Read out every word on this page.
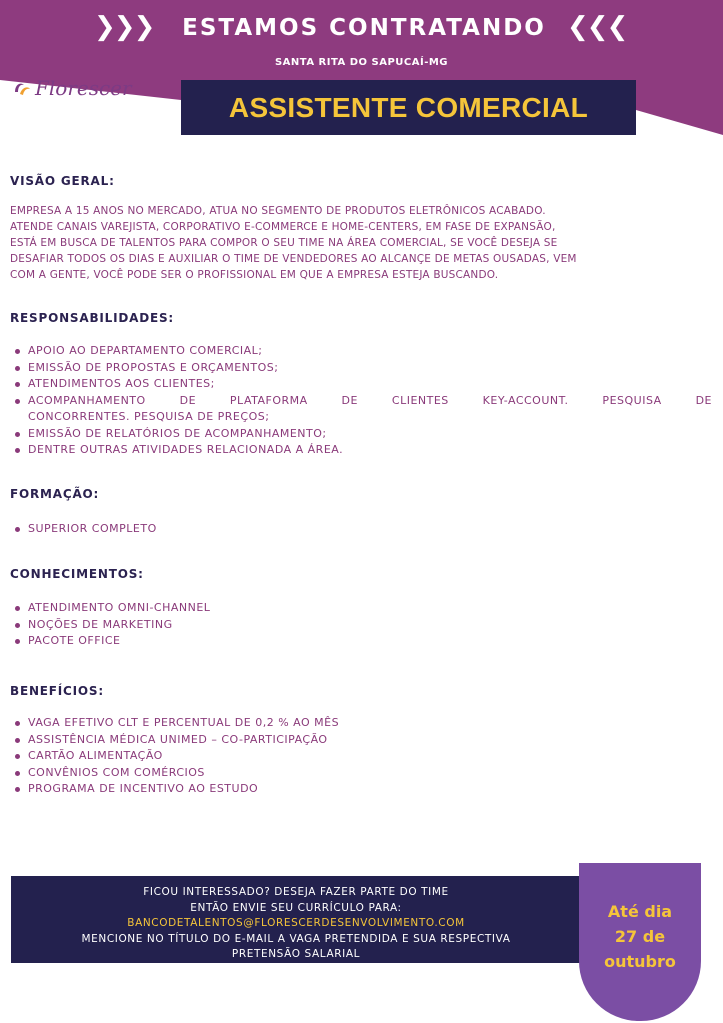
❯❯❯ ESTAMOS CONTRATANDO ❮❮❮
SANTA RITA DO SAPUCAÍ-MG
Florescer
ASSISTENTE COMERCIAL
VISÃO GERAL:
EMPRESA A 15 ANOS NO MERCADO, ATUA NO SEGMENTO DE PRODUTOS ELETRÔNICOS ACABADO.
ATENDE CANAIS VAREJISTA, CORPORATIVO E-COMMERCE E HOME-CENTERS, EM FASE DE EXPANSÃO,
ESTÁ EM BUSCA DE TALENTOS PARA COMPOR O SEU TIME NA ÁREA COMERCIAL, SE VOCÊ DESEJA SE
DESAFIAR TODOS OS DIAS E AUXILIAR O TIME DE VENDEDORES AO ALCANÇE DE METAS OUSADAS, VEM
COM A GENTE, VOCÊ PODE SER O PROFISSIONAL EM QUE A EMPRESA ESTEJA BUSCANDO.
RESPONSABILIDADES:
APOIO AO DEPARTAMENTO COMERCIAL;
EMISSÃO DE PROPOSTAS E ORÇAMENTOS;
ATENDIMENTOS AOS CLIENTES;
ACOMPANHAMENTO DE PLATAFORMA DE CLIENTES KEY-ACCOUNT. PESQUISA DE
CONCORRENTES. PESQUISA DE PREÇOS;
EMISSÃO DE RELATÓRIOS DE ACOMPANHAMENTO;
DENTRE OUTRAS ATIVIDADES RELACIONADA A ÁREA.
FORMAÇÃO:
SUPERIOR COMPLETO
CONHECIMENTOS:
ATENDIMENTO OMNI-CHANNEL
NOÇÕES DE MARKETING
PACOTE OFFICE
BENEFÍCIOS:
VAGA EFETIVO CLT E PERCENTUAL DE 0,2 % AO MÊS
ASSISTÊNCIA MÉDICA UNIMED – CO-PARTICIPAÇÃO
CARTÃO ALIMENTAÇÃO
CONVÊNIOS COM COMÉRCIOS
PROGRAMA DE INCENTIVO AO ESTUDO
FICOU INTERESSADO? DESEJA FAZER PARTE DO TIME
ENTÃO ENVIE SEU CURRÍCULO PARA:
BANCODETALENTOS@FLORESCERDESENVOLVIMENTO.COM
MENCIONE NO TÍTULO DO E-MAIL A VAGA PRETENDIDA E SUA RESPECTIVA
PRETENSÃO SALARIAL
Até dia
27 de
outubro
